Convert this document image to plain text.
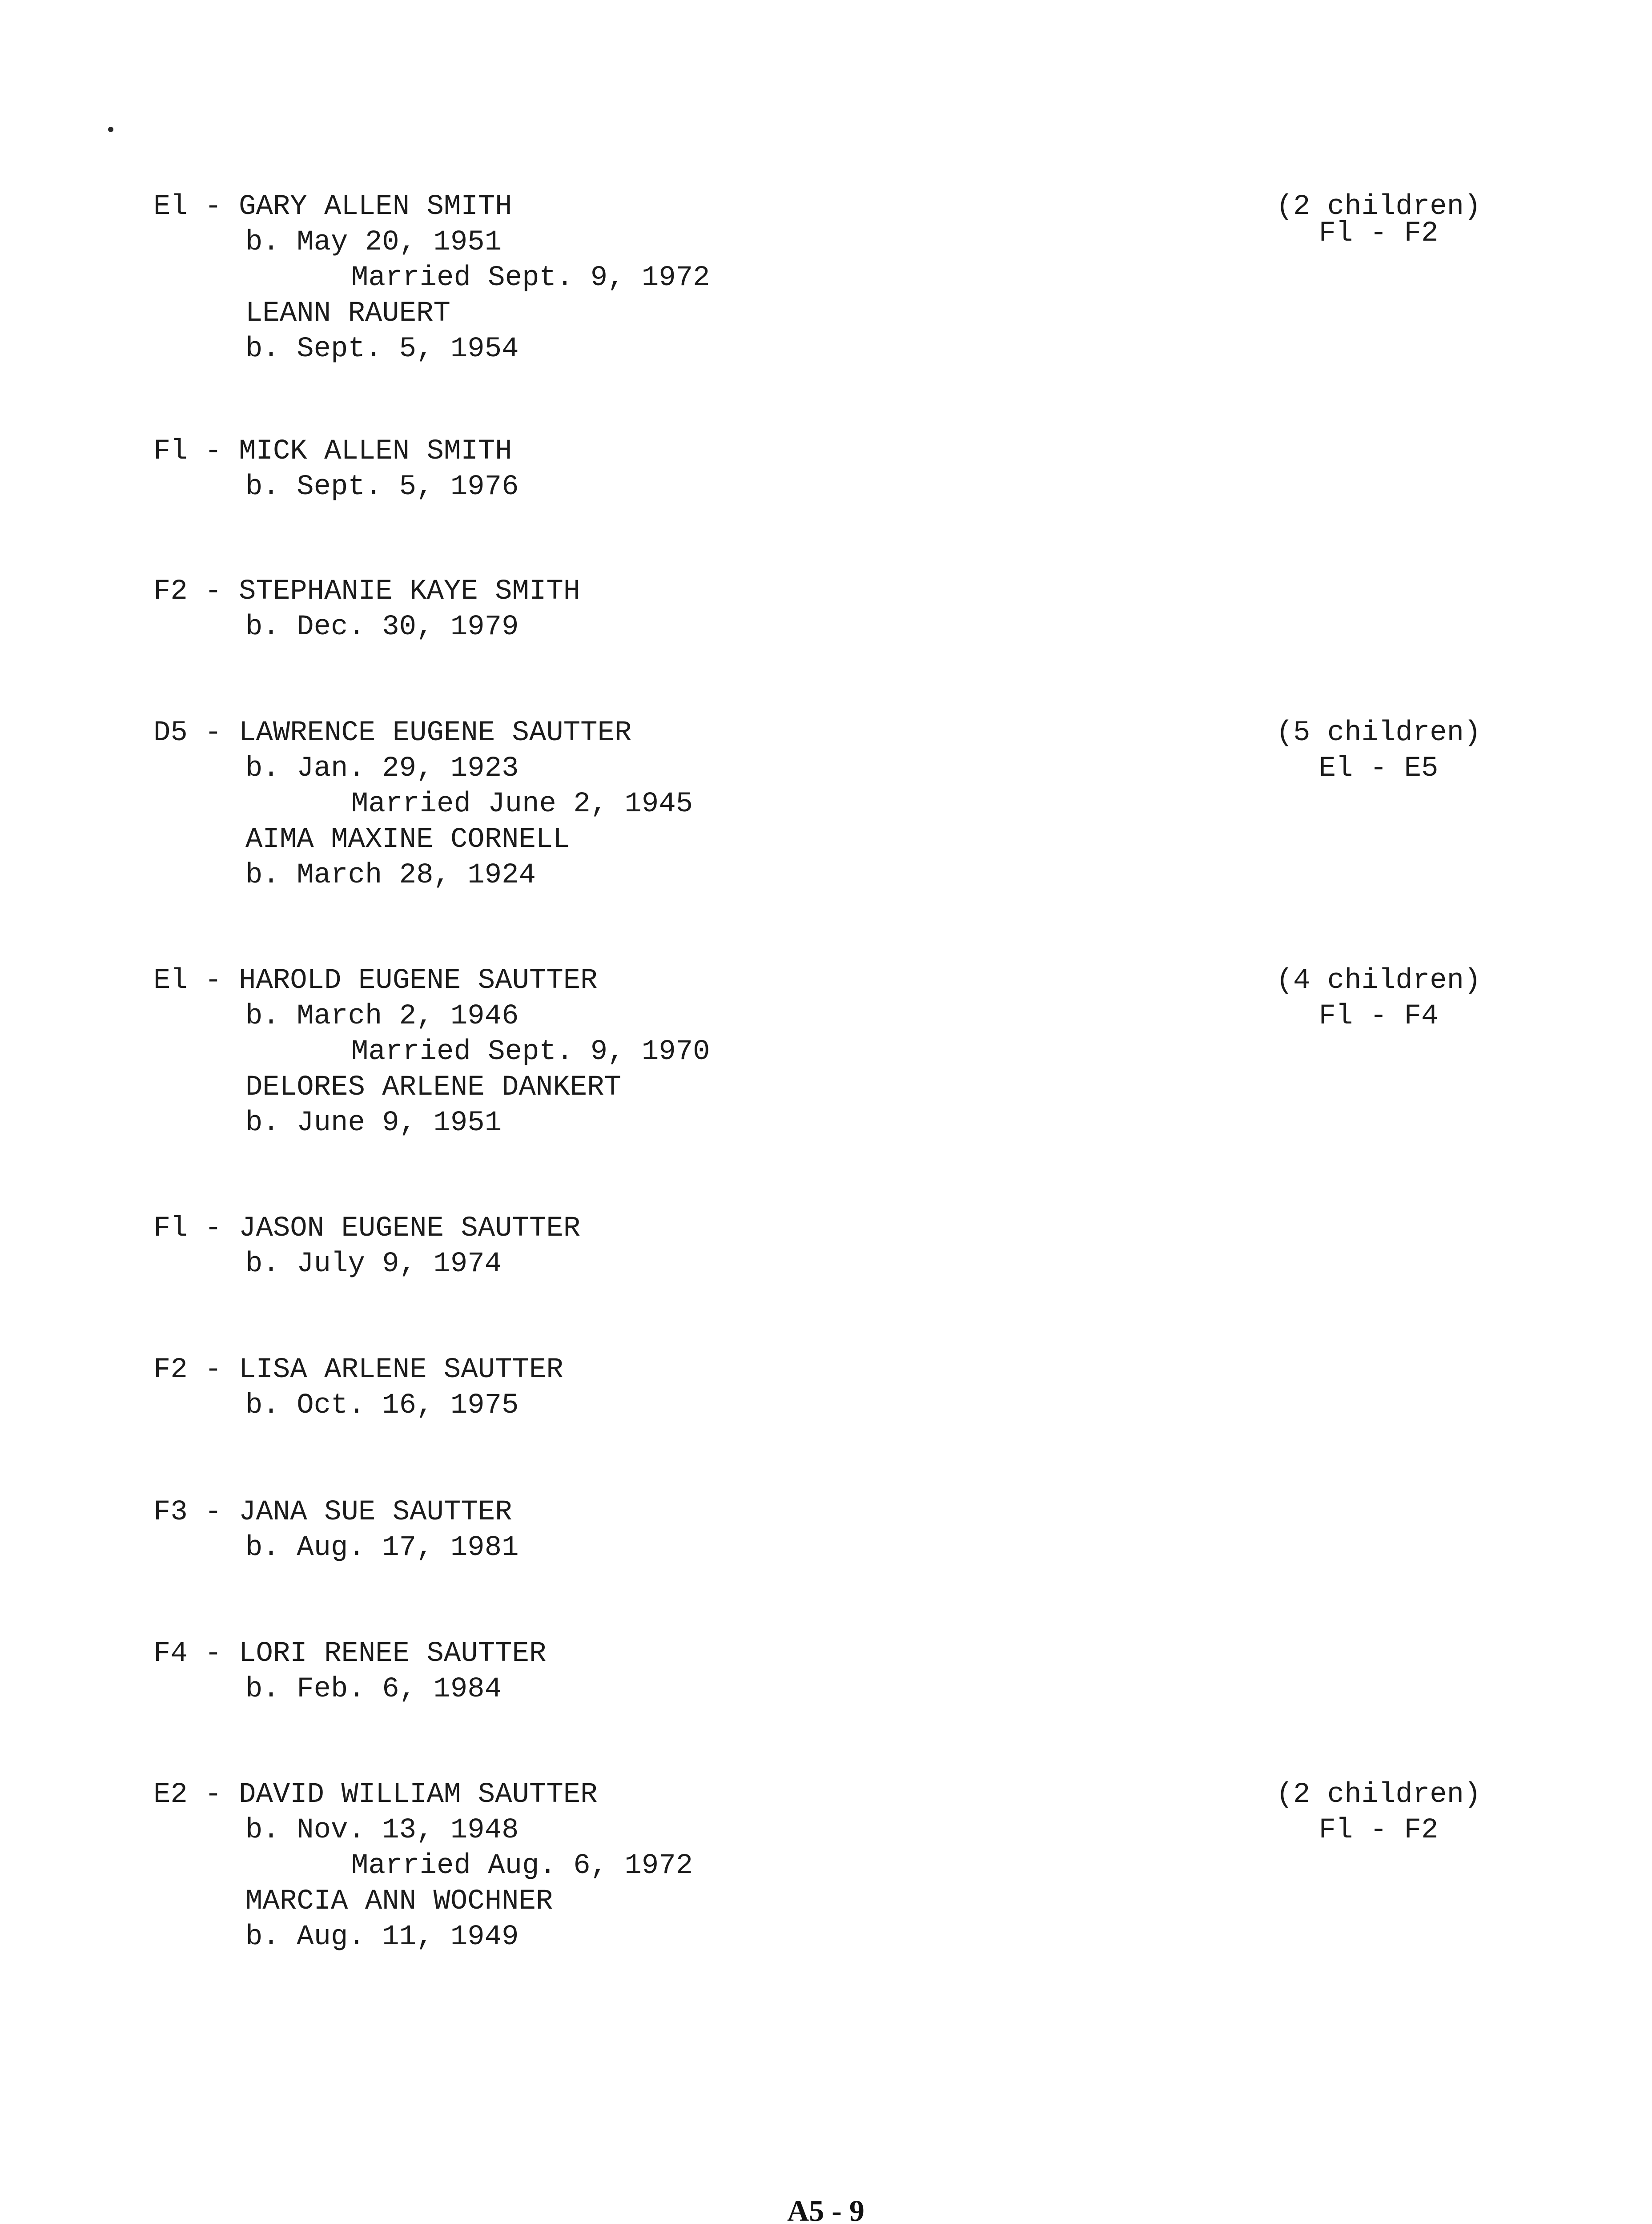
El - GARY ALLEN SMITH
b. May 20, 1951
Married Sept. 9, 1972
LEANN RAUERT
b. Sept. 5, 1954
(2 children)
Fl - F2
Fl - MICK ALLEN SMITH
b. Sept. 5, 1976
F2 - STEPHANIE KAYE SMITH
b. Dec. 30, 1979
D5 - LAWRENCE EUGENE SAUTTER
b. Jan. 29, 1923
Married June 2, 1945
AIMA MAXINE CORNELL
b. March 28, 1924
(5 children)
El - E5
El - HAROLD EUGENE SAUTTER
b. March 2, 1946
Married Sept. 9, 1970
DELORES ARLENE DANKERT
b. June 9, 1951
(4 children)
Fl - F4
Fl - JASON EUGENE SAUTTER
b. July 9, 1974
F2 - LISA ARLENE SAUTTER
b. Oct. 16, 1975
F3 - JANA SUE SAUTTER
b. Aug. 17, 1981
F4 - LORI RENEE SAUTTER
b. Feb. 6, 1984
E2 - DAVID WILLIAM SAUTTER
b. Nov. 13, 1948
Married Aug. 6, 1972
MARCIA ANN WOCHNER
b. Aug. 11, 1949
(2 children)
Fl - F2
A5 - 9
